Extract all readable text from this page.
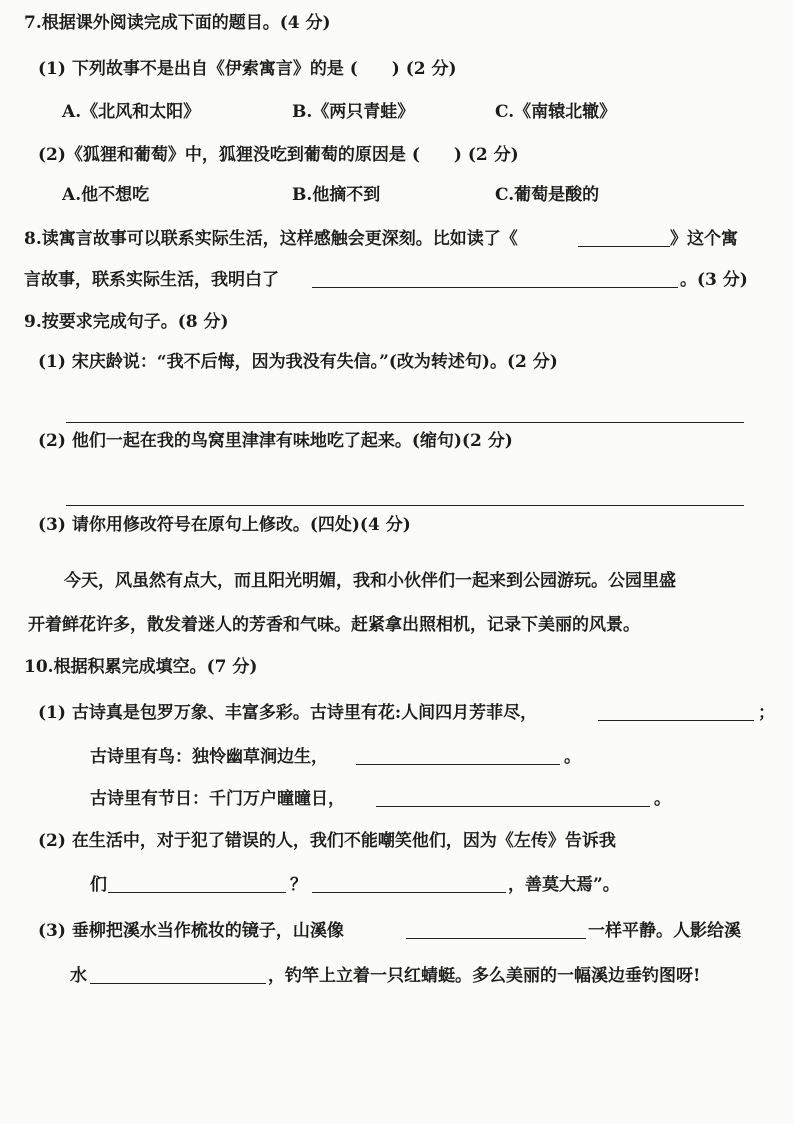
7.根据课外阅读完成下面的题目。(4 分)
(1) 下列故事不是出自《伊索寓言》的是 (　　) (2 分)
A.《北风和太阳》	B.《两只青蛙》	C.《南辕北辙》
(2)《狐狸和葡萄》中，狐狸没吃到葡萄的原因是 (　　) (2 分)
A.他不想吃	B.他摘不到	C.葡萄是酸的
8.读寓言故事可以联系实际生活，这样感触会更深刻。比如读了《	》这个寓
言故事，联系实际生活，我明白了	。(3 分)
9.按要求完成句子。(8 分)
(1) 宋庆龄说：“我不后悔，因为我没有失信。”(改为转述句)。(2 分)
(2) 他们一起在我的鸟窝里津津有味地吃了起来。(缩句)(2 分)
(3) 请你用修改符号在原句上修改。(四处)(4 分)
今天，风虽然有点大，而且阳光明媚，我和小伙伴们一起来到公园游玩。公园里盛
开着鲜花许多，散发着迷人的芳香和气味。赶紧拿出照相机，记录下美丽的风景。
10.根据积累完成填空。(7 分)
(1) 古诗真是包罗万象、丰富多彩。古诗里有花:人间四月芳菲尽，	；
古诗里有鸟：独怜幽草涧边生，	。
古诗里有节日：千门万户曈曈日，	。
(2) 在生活中，对于犯了错误的人，我们不能嘲笑他们，因为《左传》告诉我
们	？	，善莫大焉”。
(3) 垂柳把溪水当作梳妆的镜子，山溪像	一样平静。人影给溪
水	，钓竿上立着一只红蜻蜓。多么美丽的一幅溪边垂钓图呀!
